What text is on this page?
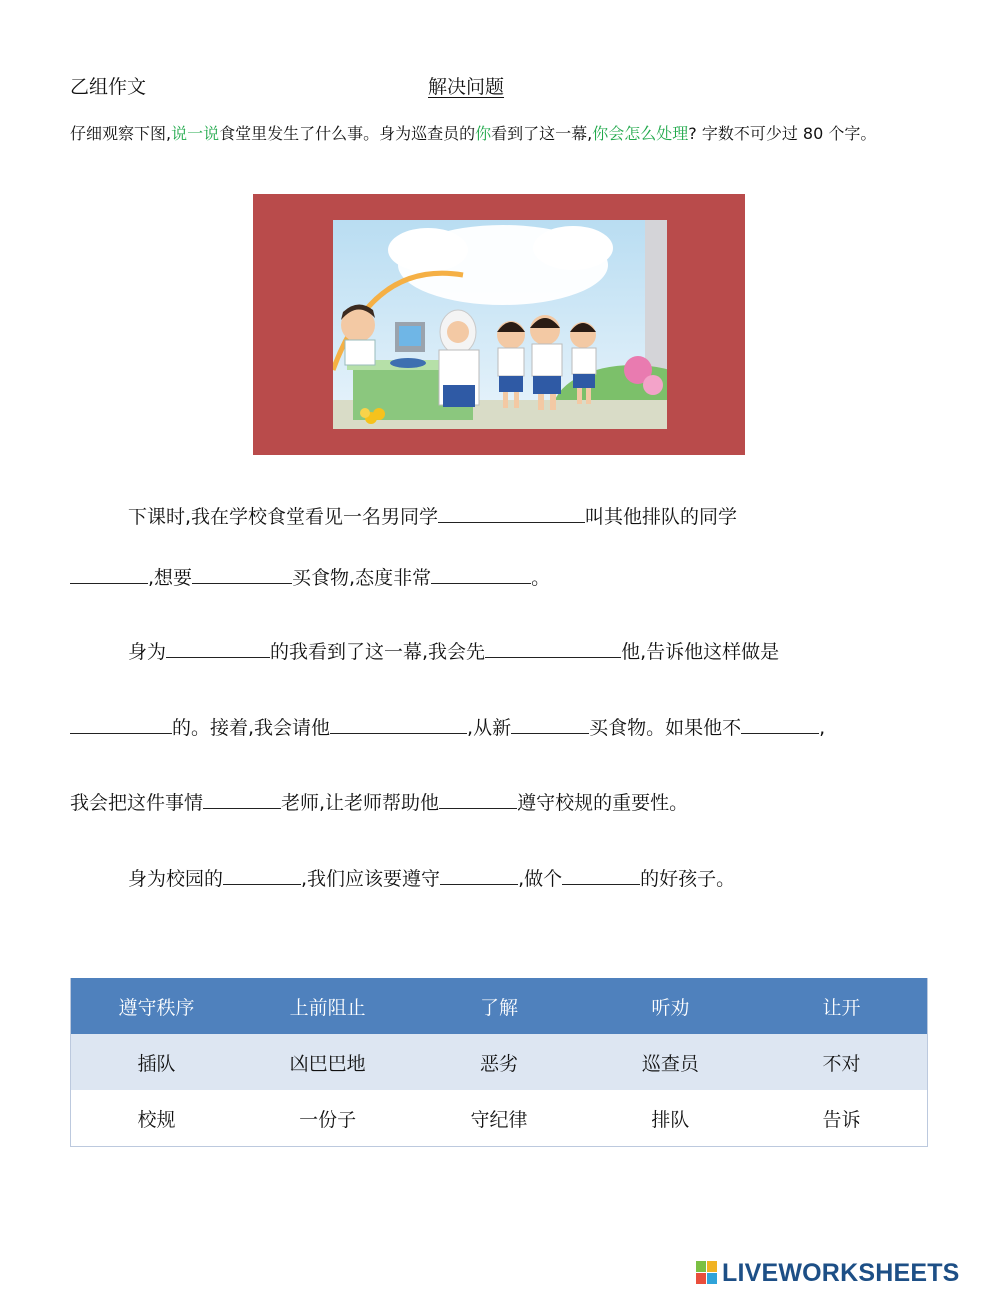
乙组作文	解决问题
仔细观察下图,说一说食堂里发生了什么事。身为巡查员的你看到了这一幕,你会怎么处理? 字数不可少过 80 个字。
下课时,我在学校食堂看见一名男同学	叫其他排队的同学
,想要	买食物,态度非常	。
身为	的我看到了这一幕,我会先	他,告诉他这样做是
的。接着,我会请他	,从新	买食物。如果他不	,
我会把这件事情	老师,让老师帮助他	遵守校规的重要性。
身为校园的	,我们应该要遵守	,做个	的好孩子。
遵守秩序	上前阻止	了解	听劝	让开
插队	凶巴巴地	恶劣	巡查员	不对
校规	一份子	守纪律	排队	告诉
LIVEWORKSHEETS
